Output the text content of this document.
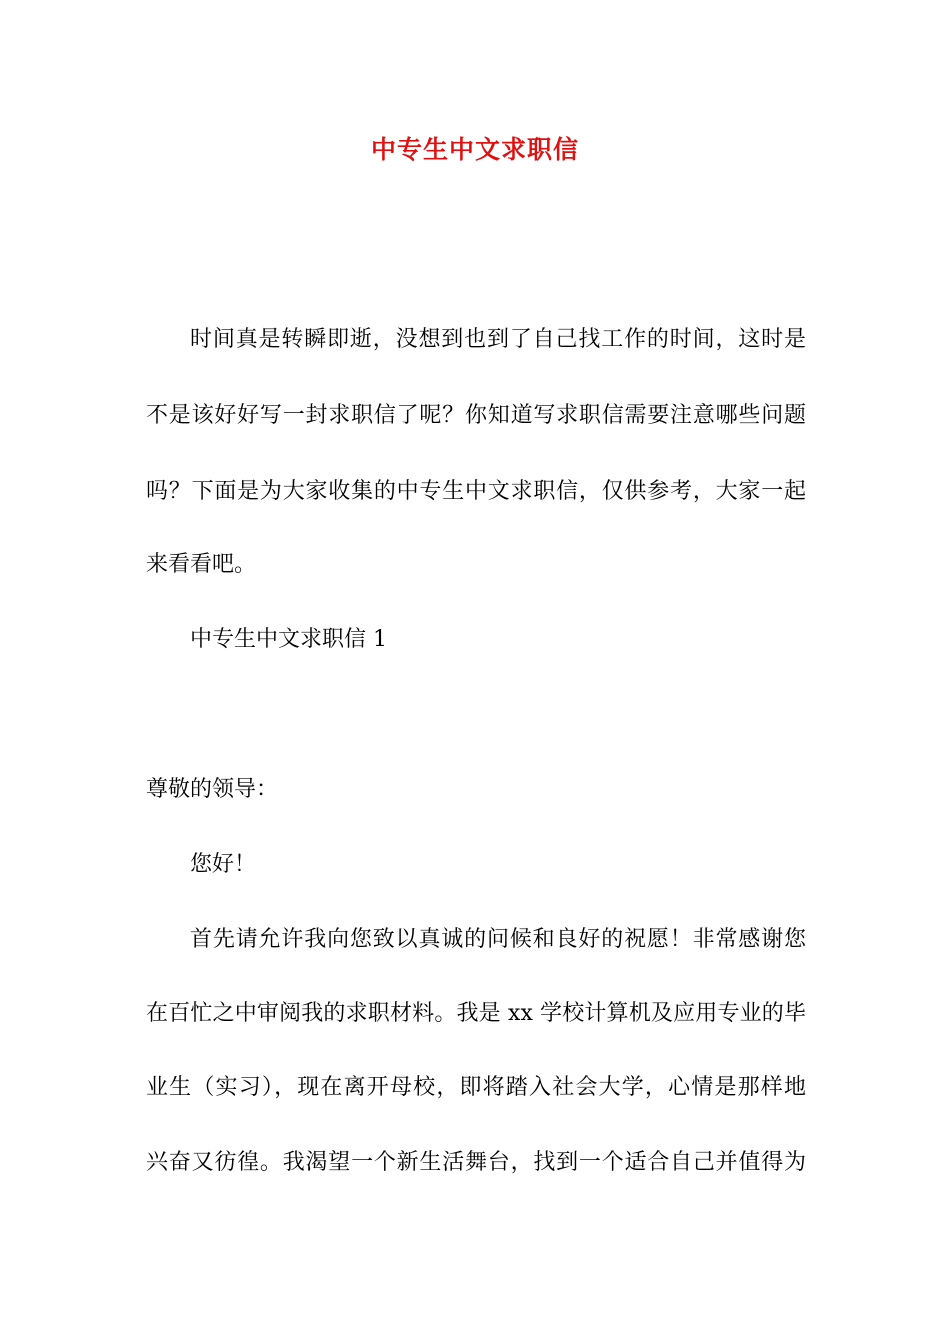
中专生中文求职信
时间真是转瞬即逝，没想到也到了自己找工作的时间，这时是
不是该好好写一封求职信了呢？你知道写求职信需要注意哪些问题
吗？下面是为大家收集的中专生中文求职信，仅供参考，大家一起
来看看吧。
中专生中文求职信 1
尊敬的领导：
您好！
首先请允许我向您致以真诚的问候和良好的祝愿！非常感谢您
在百忙之中审阅我的求职材料。我是 xx 学校计算机及应用专业的毕
业生（实习），现在离开母校，即将踏入社会大学，心情是那样地
兴奋又彷徨。我渴望一个新生活舞台，找到一个适合自己并值得为
